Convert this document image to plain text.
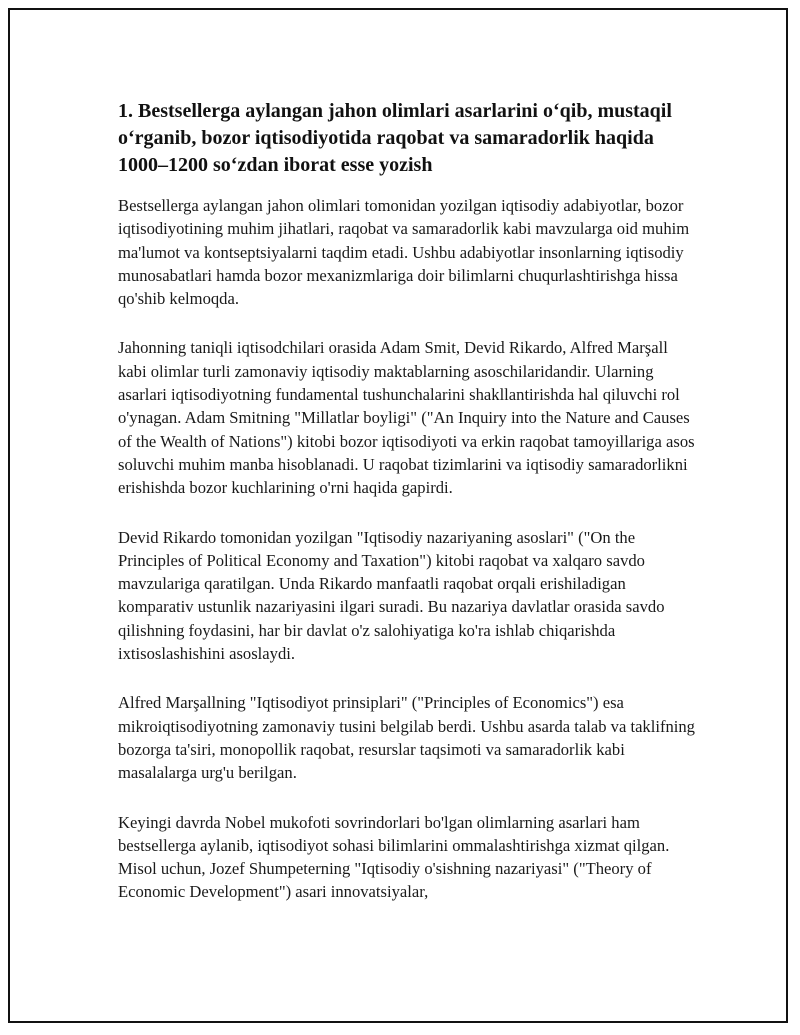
1. Bestsellerga aylangan jahon olimlari asarlarini o‘qib, mustaqil o‘rganib, bozor iqtisodiyotida raqobat va samaradorlik haqida 1000–1200 so‘zdan iborat esse yozish

Bestsellerga aylangan jahon olimlari tomonidan yozilgan iqtisodiy adabiyotlar, bozor iqtisodiyotining muhim jihatlari, raqobat va samaradorlik kabi mavzularga oid muhim ma'lumot va kontseptsiyalarni taqdim etadi. Ushbu adabiyotlar insonlarning iqtisodiy munosabatlari hamda bozor mexanizmlariga doir bilimlarni chuqurlashtirishga hissa qo'shib kelmoqda.

Jahonning taniqli iqtisodchilari orasida Adam Smit, Devid Rikardo, Alfred Marşall kabi olimlar turli zamonaviy iqtisodiy maktablarning asoschilaridandir. Ularning asarlari iqtisodiyotning fundamental tushunchalarini shakllantirishda hal qiluvchi rol o'ynagan. Adam Smitning "Millatlar boyligi" ("An Inquiry into the Nature and Causes of the Wealth of Nations") kitobi bozor iqtisodiyoti va erkin raqobat tamoyillariga asos soluvchi muhim manba hisoblanadi. U raqobat tizimlarini va iqtisodiy samaradorlikni erishishda bozor kuchlarining o'rni haqida gapirdi.

Devid Rikardo tomonidan yozilgan "Iqtisodiy nazariyaning asoslari" ("On the Principles of Political Economy and Taxation") kitobi raqobat va xalqaro savdo mavzulariga qaratilgan. Unda Rikardo manfaatli raqobat orqali erishiladigan komparativ ustunlik nazariyasini ilgari suradi. Bu nazariya davlatlar orasida savdo qilishning foydasini, har bir davlat o'z salohiyatiga ko'ra ishlab chiqarishda ixtisoslashishini asoslaydi.

Alfred Marşallning "Iqtisodiyot prinsiplari" ("Principles of Economics") esa mikroiqtisodiyotning zamonaviy tusini belgilab berdi. Ushbu asarda talab va taklifning bozorga ta'siri, monopollik raqobat, resurslar taqsimoti va samaradorlik kabi masalalarga urg'u berilgan.

Keyingi davrda Nobel mukofoti sovrindorlari bo'lgan olimlarning asarlari ham bestsellerga aylanib, iqtisodiyot sohasi bilimlarini ommalashtirishga xizmat qilgan. Misol uchun, Jozef Shumpeterning "Iqtisodiy o'sishning nazariyasi" ("Theory of Economic Development") asari innovatsiyalar,
